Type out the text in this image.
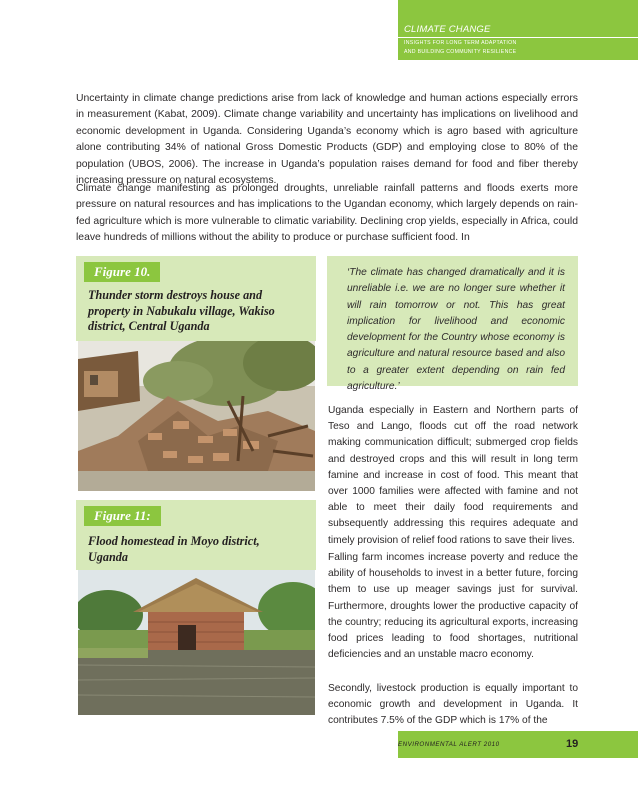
CLIMATE CHANGE
INSIGHTS FOR LONG TERM ADAPTATION
AND BUILDING COMMUNITY RESILIENCE

Uncertainty in climate change predictions arise from lack of knowledge and human actions especially errors in measurement (Kabat, 2009). Climate change variability and uncertainty has implications on livelihood and economic development in Uganda. Considering Uganda’s economy which is agro based with agriculture alone contributing 34% of national Gross Domestic Products (GDP) and employing close to 80% of the population (UBOS, 2006). The increase in Uganda’s population raises demand for food and fiber thereby increasing pressure on natural ecosystems.

Climate change manifesting as prolonged droughts, unreliable rainfall patterns and floods exerts more pressure on natural resources and has implications to the Ugandan economy, which largely depends on rain-fed agriculture which is more vulnerable to climatic variability. Declining crop yields, especially in Africa, could leave hundreds of millions without the ability to produce or purchase sufficient food. In

Figure 10.
Thunder storm destroys house and property in Nabukalu village, Wakiso district, Central Uganda
Figure 11:
Flood homestead in Moyo district, Uganda

‘The climate has changed dramatically and it is unreliable i.e. we are no longer sure whether it will rain tomorrow or not. This has great implication for livelihood and economic development for the Country whose economy is agriculture and natural resource based and also to a greater extent depending on rain fed agriculture.’

Uganda especially in Eastern and Northern parts of Teso and Lango, floods cut off the road network making communication difficult; submerged crop fields and destroyed crops and this will result in long term famine and increase in cost of food. This meant that over 1000 families were affected with famine and not able to meet their daily food requirements and subsequently addressing this requires adequate and timely provision of relief food rations to save their lives.

Falling farm incomes increase poverty and reduce the ability of households to invest in a better future, forcing them to use up meager savings just for survival. Furthermore, droughts lower the productive capacity of the country; reducing its agricultural exports, increasing food prices leading to food shortages, nutritional deficiencies and an unstable macro economy.

Secondly, livestock production is equally important to economic growth and development in Uganda. It contributes 7.5% of the GDP which is 17% of the

ENVIRONMENTAL ALERT 2010	19
